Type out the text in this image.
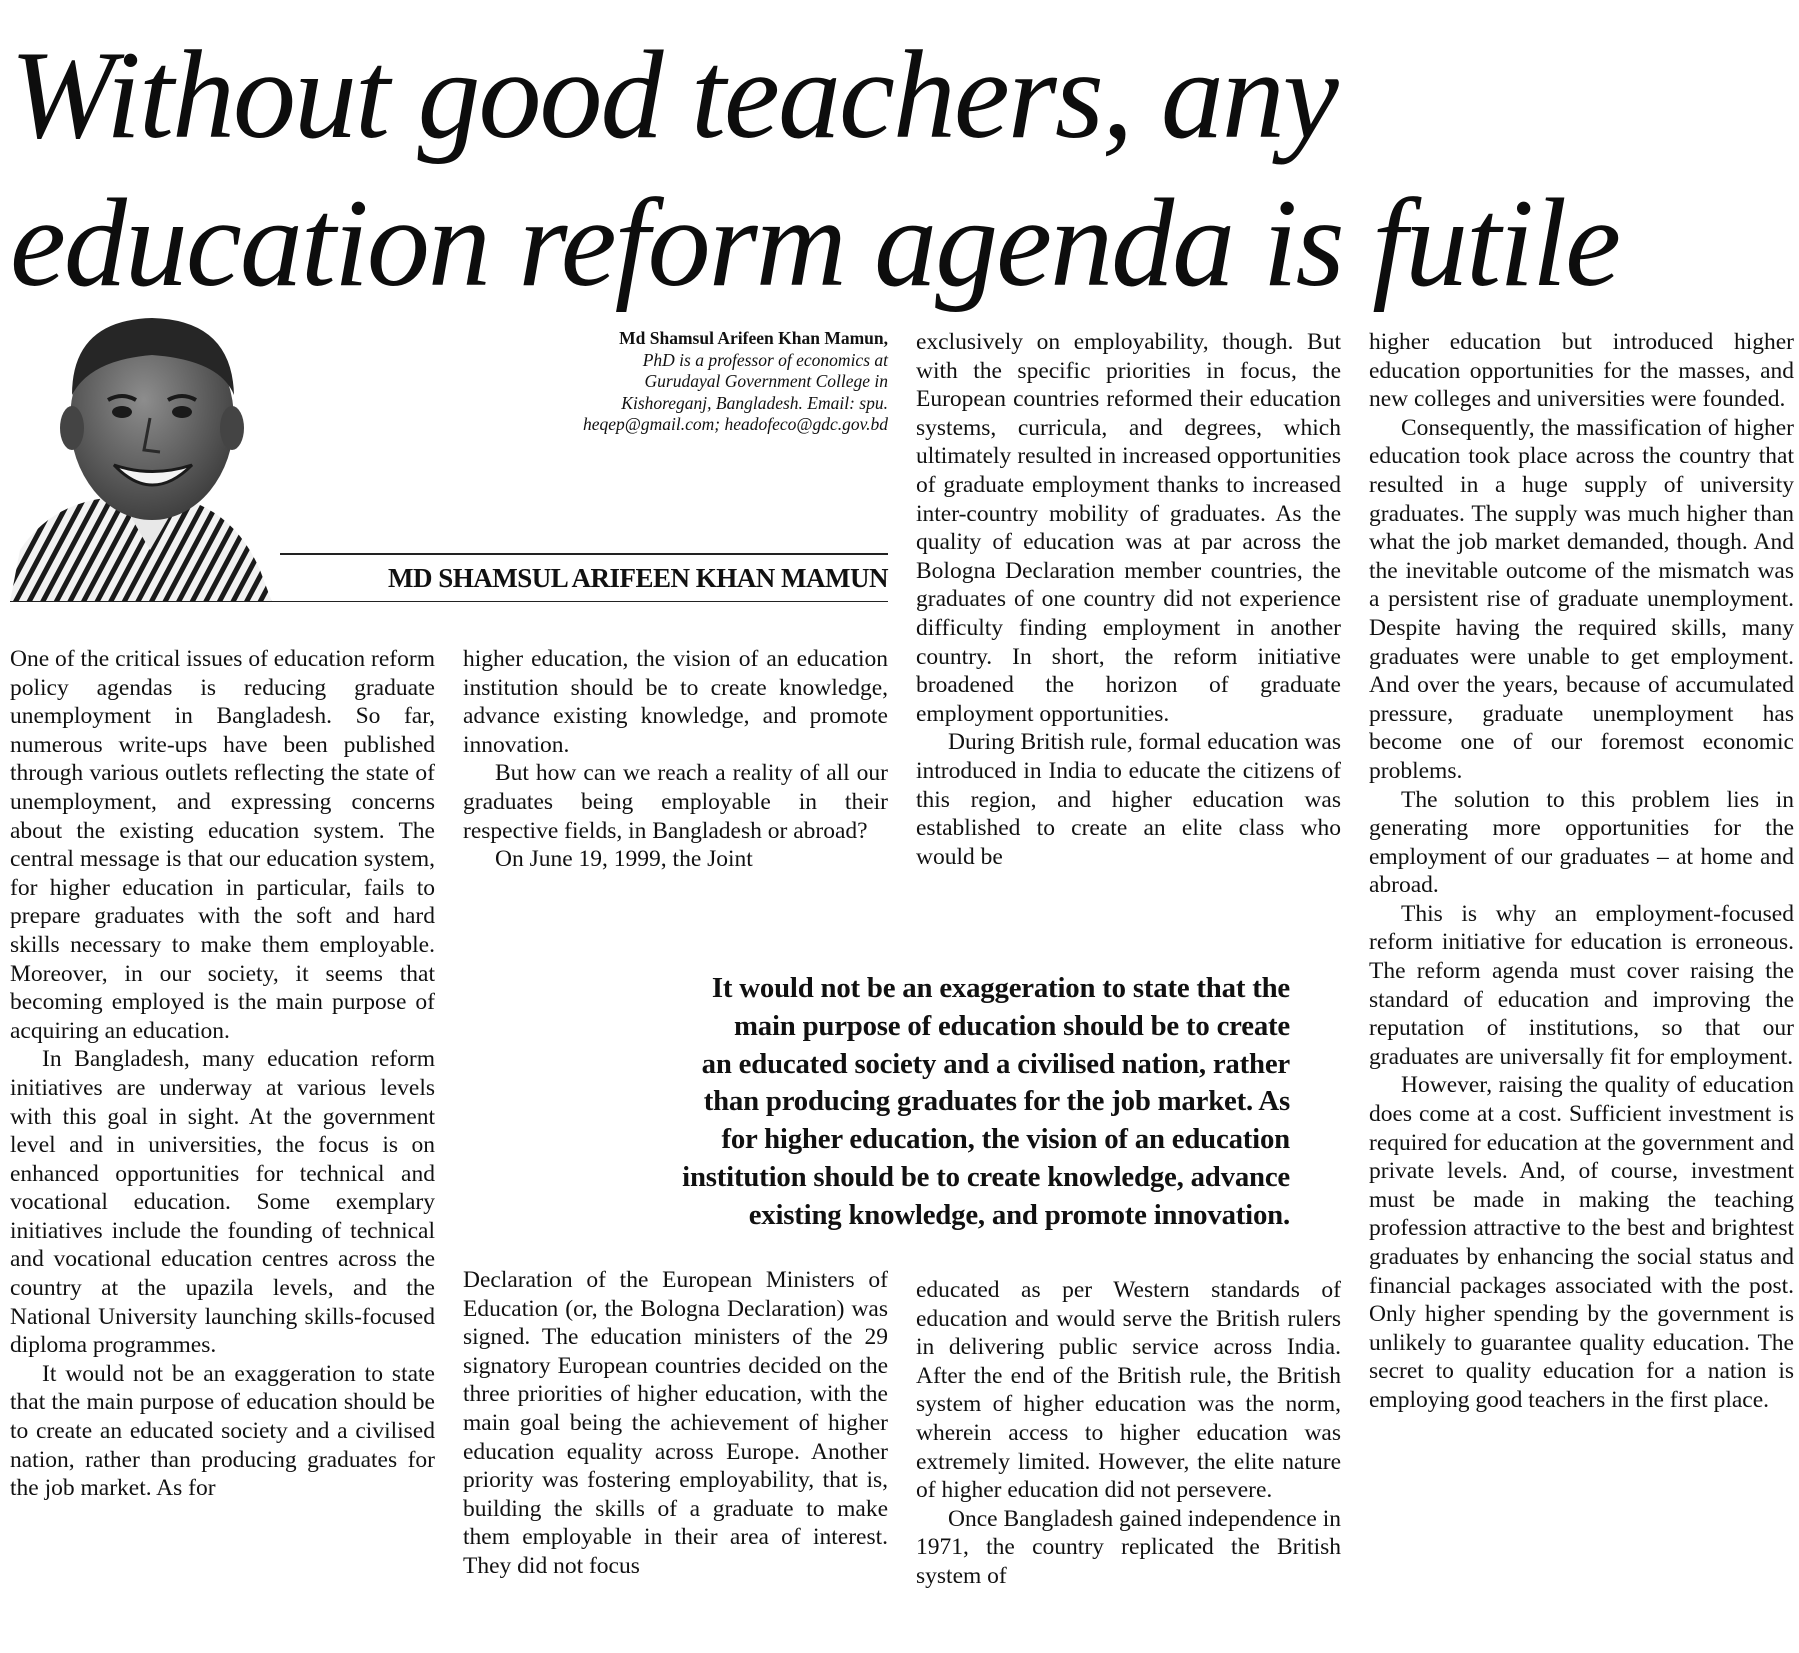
Without good teachers, any
education reform agenda is futile
Md Shamsul Arifeen Khan Mamun,
PhD is a professor of economics at
Gurudayal Government College in
Kishoreganj, Bangladesh. Email: spu.
heqep@gmail.com; headofeco@gdc.gov.bd
MD SHAMSUL ARIFEEN KHAN MAMUN

One of the critical issues of education reform policy agendas is reducing graduate unemployment in Bangladesh. So far, numerous write-ups have been published through various outlets reflecting the state of unemployment, and expressing concerns about the existing education system. The central message is that our education system, for higher education in particular, fails to prepare graduates with the soft and hard skills necessary to make them employable. Moreover, in our society, it seems that becoming employed is the main purpose of acquiring an education.

In Bangladesh, many education reform initiatives are underway at various levels with this goal in sight. At the government level and in universities, the focus is on enhanced opportunities for technical and vocational education. Some exemplary initiatives include the founding of technical and vocational education centres across the country at the upazila levels, and the National University launching skills-focused diploma programmes.

It would not be an exaggeration to state that the main purpose of education should be to create an educated society and a civilised nation, rather than producing graduates for the job market. As for

higher education, the vision of an education institution should be to create knowledge, advance existing knowledge, and promote innovation.

But how can we reach a reality of all our graduates being employable in their respective fields, in Bangladesh or abroad?

On June 19, 1999, the Joint

Declaration of the European Ministers of Education (or, the Bologna Declaration) was signed. The education ministers of the 29 signatory European countries decided on the three priorities of higher education, with the main goal being the achievement of higher education equality across Europe. Another priority was fostering employability, that is, building the skills of a graduate to make them employable in their area of interest. They did not focus

exclusively on employability, though. But with the specific priorities in focus, the European countries reformed their education systems, curricula, and degrees, which ultimately resulted in increased opportunities of graduate employment thanks to increased inter-country mobility of graduates. As the quality of education was at par across the Bologna Declaration member countries, the graduates of one country did not experience difficulty finding employment in another country. In short, the reform initiative broadened the horizon of graduate employment opportunities.

During British rule, formal education was introduced in India to educate the citizens of this region, and higher education was established to create an elite class who would be

educated as per Western standards of education and would serve the British rulers in delivering public service across India. After the end of the British rule, the British system of higher education was the norm, wherein access to higher education was extremely limited. However, the elite nature of higher education did not persevere.

Once Bangladesh gained independence in 1971, the country replicated the British system of

higher education but introduced higher education opportunities for the masses, and new colleges and universities were founded.

Consequently, the massification of higher education took place across the country that resulted in a huge supply of university graduates. The supply was much higher than what the job market demanded, though. And the inevitable outcome of the mismatch was a persistent rise of graduate unemployment. Despite having the required skills, many graduates were unable to get employment. And over the years, because of accumulated pressure, graduate unemployment has become one of our foremost economic problems.

The solution to this problem lies in generating more opportunities for the employment of our graduates – at home and abroad.

This is why an employment-focused reform initiative for education is erroneous. The reform agenda must cover raising the standard of education and improving the reputation of institutions, so that our graduates are universally fit for employment.

However, raising the quality of education does come at a cost. Sufficient investment is required for education at the government and private levels. And, of course, investment must be made in making the teaching profession attractive to the best and brightest graduates by enhancing the social status and financial packages associated with the post. Only higher spending by the government is unlikely to guarantee quality education. The secret to quality education for a nation is employing good teachers in the first place.

It would not be an exaggeration to state that the
main purpose of education should be to create
an educated society and a civilised nation, rather
than producing graduates for the job market. As
for higher education, the vision of an education
institution should be to create knowledge, advance
existing knowledge, and promote innovation.
